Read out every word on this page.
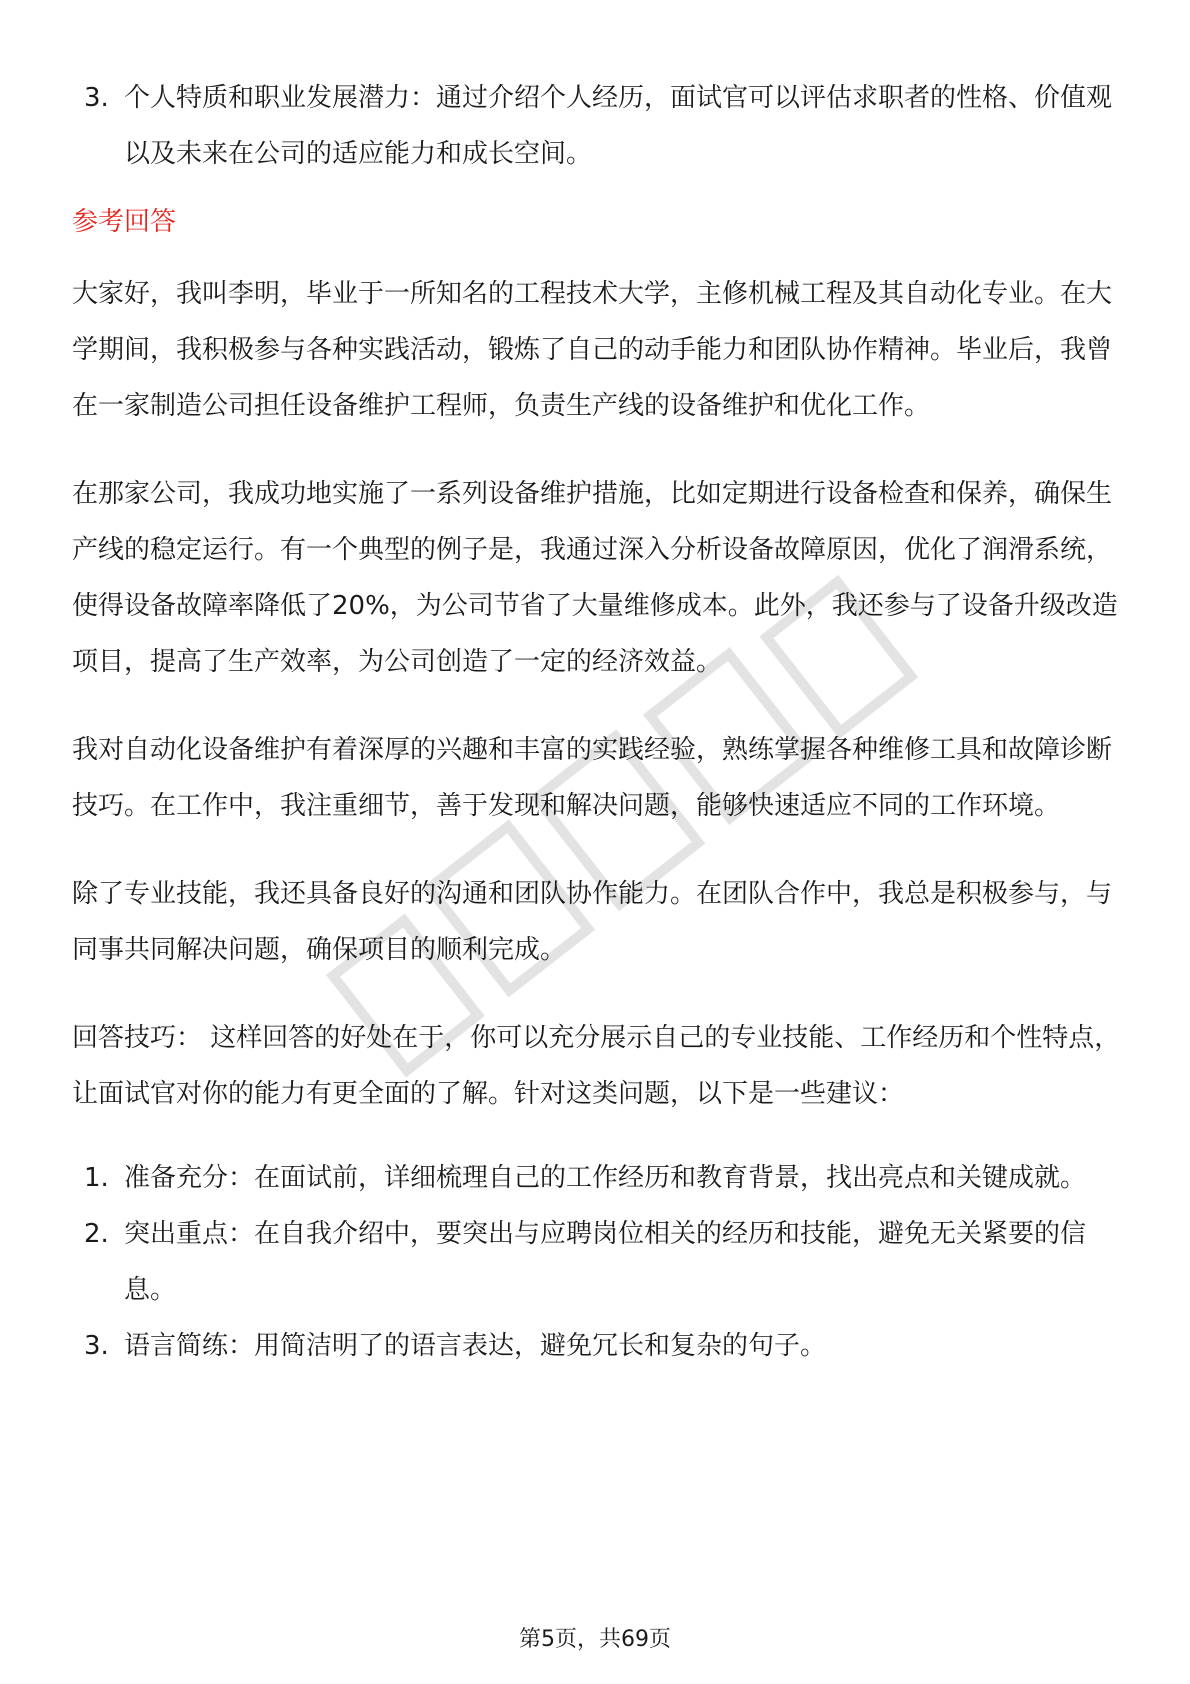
3. 个人特质和职业发展潜力：通过介绍个人经历，面试官可以评估求职者的性格、价值观以及未来在公司的适应能力和成长空间。
参考回答

大家好，我叫李明，毕业于一所知名的工程技术大学，主修机械工程及其自动化专业。在大学期间，我积极参与各种实践活动，锻炼了自己的动手能力和团队协作精神。毕业后，我曾在一家制造公司担任设备维护工程师，负责生产线的设备维护和优化工作。

在那家公司，我成功地实施了一系列设备维护措施，比如定期进行设备检查和保养，确保生产线的稳定运行。有一个典型的例子是，我通过深入分析设备故障原因，优化了润滑系统，使得设备故障率降低了20%，为公司节省了大量维修成本。此外，我还参与了设备升级改造项目，提高了生产效率，为公司创造了一定的经济效益。

我对自动化设备维护有着深厚的兴趣和丰富的实践经验，熟练掌握各种维修工具和故障诊断技巧。在工作中，我注重细节，善于发现和解决问题，能够快速适应不同的工作环境。

除了专业技能，我还具备良好的沟通和团队协作能力。在团队合作中，我总是积极参与，与同事共同解决问题，确保项目的顺利完成。

回答技巧： 这样回答的好处在于，你可以充分展示自己的专业技能、工作经历和个性特点，让面试官对你的能力有更全面的了解。针对这类问题，以下是一些建议：

1. 准备充分：在面试前，详细梳理自己的工作经历和教育背景，找出亮点和关键成就。
2. 突出重点：在自我介绍中，要突出与应聘岗位相关的经历和技能，避免无关紧要的信息。
3. 语言简练：用简洁明了的语言表达，避免冗长和复杂的句子。
第5页，共69页
